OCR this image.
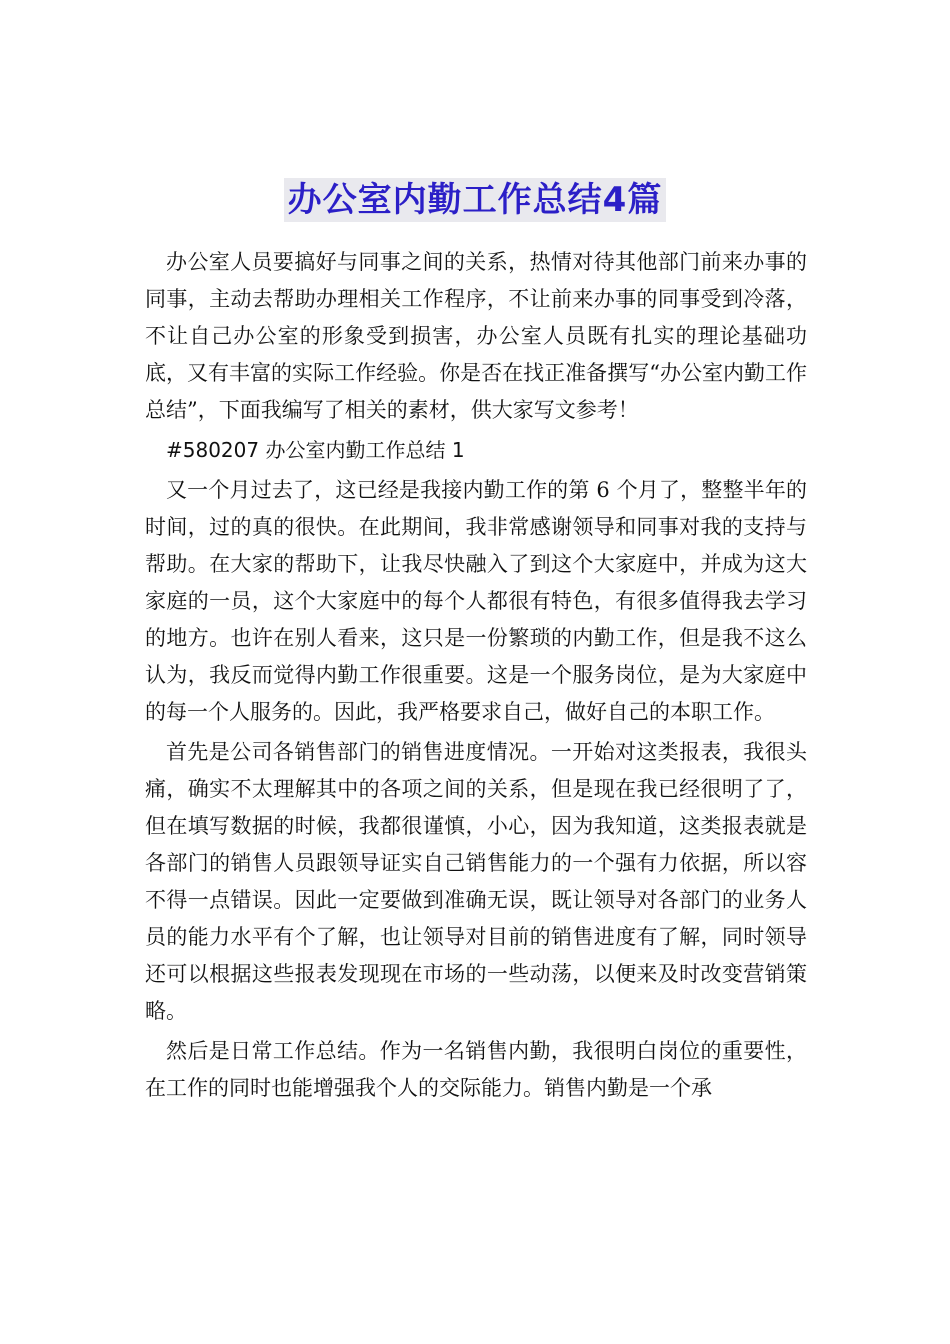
办公室内勤工作总结4篇

办公室人员要搞好与同事之间的关系，热情对待其他部门前来办事的同事，主动去帮助办理相关工作程序，不让前来办事的同事受到冷落，不让自己办公室的形象受到损害，办公室人员既有扎实的理论基础功底，又有丰富的实际工作经验。你是否在找正准备撰写“办公室内勤工作总结”，下面我编写了相关的素材，供大家写文参考！

#580207 办公室内勤工作总结 1

又一个月过去了，这已经是我接内勤工作的第 6 个月了，整整半年的时间，过的真的很快。在此期间，我非常感谢领导和同事对我的支持与帮助。在大家的帮助下，让我尽快融入了到这个大家庭中，并成为这大家庭的一员，这个大家庭中的每个人都很有特色，有很多值得我去学习的地方。也许在别人看来，这只是一份繁琐的内勤工作，但是我不这么认为，我反而觉得内勤工作很重要。这是一个服务岗位，是为大家庭中的每一个人服务的。因此，我严格要求自己，做好自己的本职工作。

首先是公司各销售部门的销售进度情况。一开始对这类报表，我很头痛，确实不太理解其中的各项之间的关系，但是现在我已经很明了了，但在填写数据的时候，我都很谨慎，小心，因为我知道，这类报表就是各部门的销售人员跟领导证实自己销售能力的一个强有力依据，所以容不得一点错误。因此一定要做到准确无误，既让领导对各部门的业务人员的能力水平有个了解，也让领导对目前的销售进度有了解，同时领导还可以根据这些报表发现现在市场的一些动荡，以便来及时改变营销策略。

然后是日常工作总结。作为一名销售内勤，我很明白岗位的重要性，在工作的同时也能增强我个人的交际能力。销售内勤是一个承
